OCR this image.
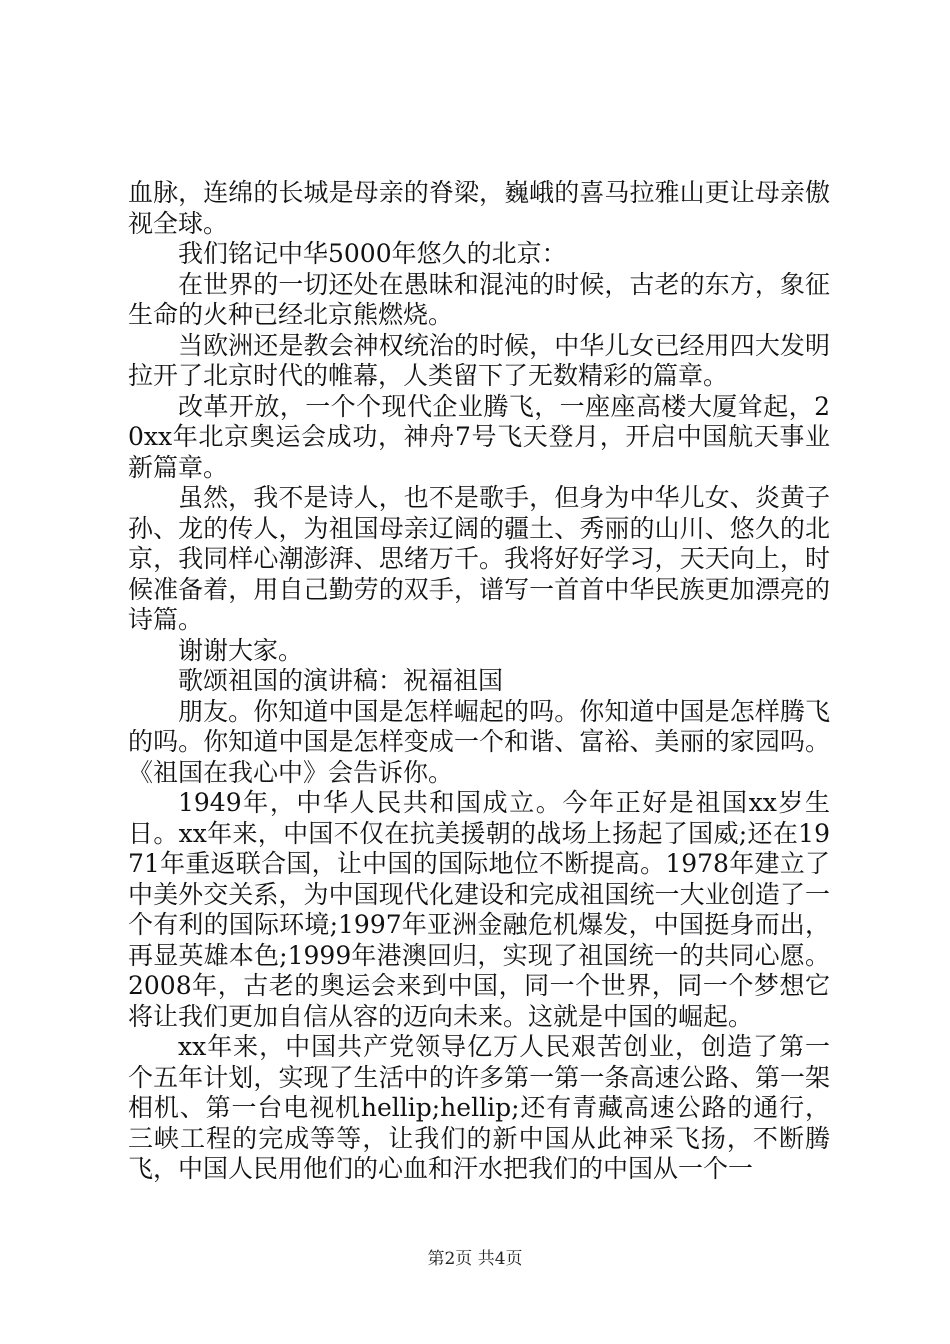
血脉，连绵的长城是母亲的脊梁，巍峨的喜马拉雅山更让母亲傲视全球。

我们铭记中华5000年悠久的北京：

在世界的一切还处在愚昧和混沌的时候，古老的东方，象征生命的火种已经北京熊燃烧。

当欧洲还是教会神权统治的时候，中华儿女已经用四大发明拉开了北京时代的帷幕，人类留下了无数精彩的篇章。

改革开放，一个个现代企业腾飞，一座座高楼大厦耸起，20xx年北京奥运会成功，神舟7号飞天登月，开启中国航天事业新篇章。

虽然，我不是诗人，也不是歌手，但身为中华儿女、炎黄子孙、龙的传人，为祖国母亲辽阔的疆土、秀丽的山川、悠久的北京，我同样心潮澎湃、思绪万千。我将好好学习，天天向上，时候准备着，用自己勤劳的双手，谱写一首首中华民族更加漂亮的诗篇。

谢谢大家。

歌颂祖国的演讲稿：祝福祖国

朋友。你知道中国是怎样崛起的吗。你知道中国是怎样腾飞的吗。你知道中国是怎样变成一个和谐、富裕、美丽的家园吗。《祖国在我心中》会告诉你。

1949年，中华人民共和国成立。今年正好是祖国xx岁生日。xx年来，中国不仅在抗美援朝的战场上扬起了国威;还在1971年重返联合国，让中国的国际地位不断提高。1978年建立了中美外交关系，为中国现代化建设和完成祖国统一大业创造了一个有利的国际环境;1997年亚洲金融危机爆发，中国挺身而出，再显英雄本色;1999年港澳回归，实现了祖国统一的共同心愿。2008年，古老的奥运会来到中国，同一个世界，同一个梦想它将让我们更加自信从容的迈向未来。这就是中国的崛起。

xx年来，中国共产党领导亿万人民艰苦创业，创造了第一个五年计划，实现了生活中的许多第一第一条高速公路、第一架相机、第一台电视机hellip;hellip;还有青藏高速公路的通行，三峡工程的完成等等，让我们的新中国从此神采飞扬，不断腾飞，中国人民用他们的心血和汗水把我们的中国从一个一

第2页 共4页
